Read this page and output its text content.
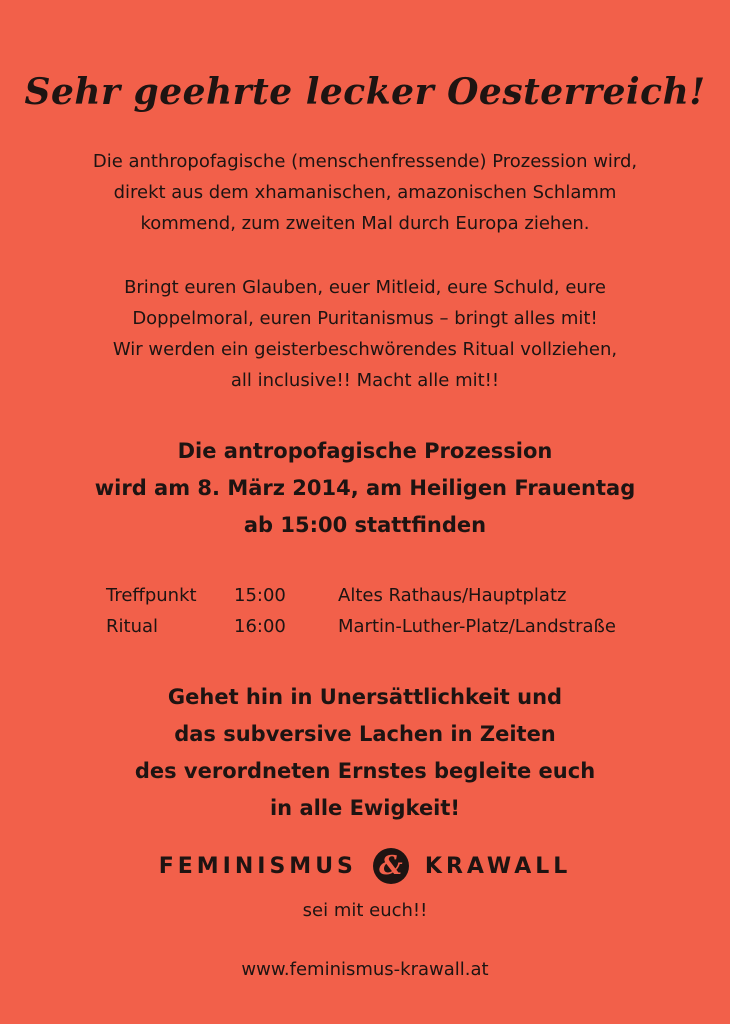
Sehr geehrte lecker Oesterreich!

Die anthropofagische (menschenfressende) Prozession wird,
direkt aus dem xhamanischen, amazonischen Schlamm
kommend, zum zweiten Mal durch Europa ziehen.

Bringt euren Glauben, euer Mitleid, eure Schuld, eure
Doppelmoral, euren Puritanismus – bringt alles mit!
Wir werden ein geisterbeschwörendes Ritual vollziehen,
all inclusive!! Macht alle mit!!

Die antropofagische Prozession
wird am 8. März 2014, am Heiligen Frauentag
ab 15:00 stattfinden

Treffpunkt	15:00	Altes Rathaus/Hauptplatz
Ritual	16:00	Martin-Luther-Platz/Landstraße

Gehet hin in Unersättlichkeit und
das subversive Lachen in Zeiten
des verordneten Ernstes begleite euch
in alle Ewigkeit!

FEMINISMUS & KRAWALL
sei mit euch!!
www.feminismus-krawall.at
